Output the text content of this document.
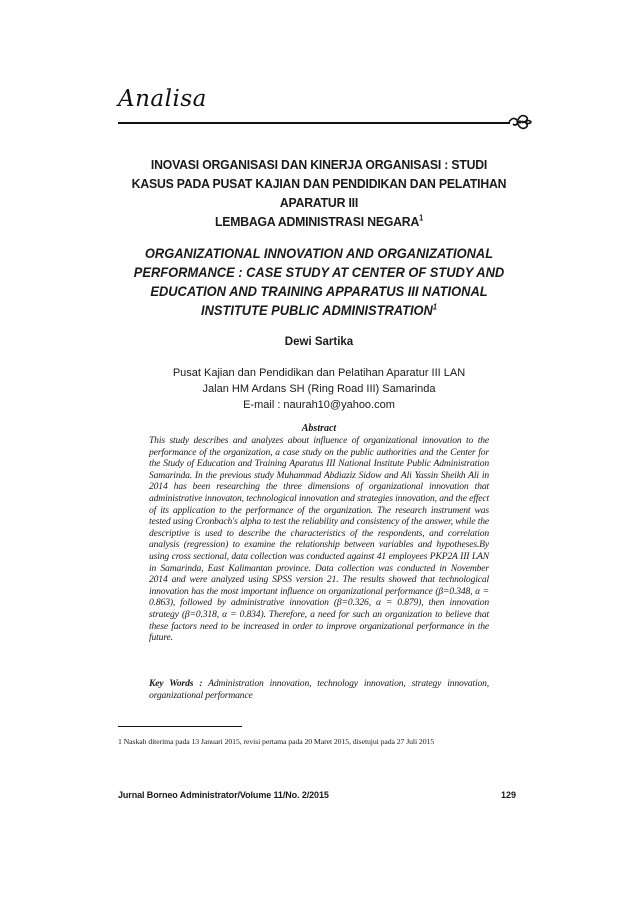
Analisa
INOVASI ORGANISASI DAN KINERJA ORGANISASI : STUDI
KASUS PADA PUSAT KAJIAN DAN PENDIDIKAN DAN PELATIHAN
APARATUR III
LEMBAGA ADMINISTRASI NEGARA$^1$
ORGANIZATIONAL INNOVATION AND ORGANIZATIONAL
PERFORMANCE : CASE STUDY AT CENTER OF STUDY AND
EDUCATION AND TRAINING APPARATUS III NATIONAL
INSTITUTE PUBLIC ADMINISTRATION$^1$
Dewi Sartika
Pusat Kajian dan Pendidikan dan Pelatihan Aparatur III LAN
Jalan HM Ardans SH (Ring Road III) Samarinda
E-mail : naurah10@yahoo.com
Abstract
This study describes and analyzes about influence of organizational innovation to the performance of the organization, a case study on the public authorities and the Center for the Study of Education and Training Aparatus III National Institute Public Administration Samarinda. In the previous study Muhammad Abdiaziz Sidow and Ali Yassin Sheikh Ali in 2014 has been researching the three dimensions of organizational innovation that administrative innovaton, technological innovation and strategies innovation, and the effect of its application to the performance of the organization. The research instrument was tested using Cronbach's alpha to test the reliability and consistency of the answer, while the descriptive is used to describe the characteristics of the respondents, and correlation analysis (regression) to examine the relationship between variables and hypotheses.By using cross sectional, data collection was conducted against 41 employees PKP2A III LAN in Samarinda, East Kalimantan province. Data collection was conducted in November 2014 and were analyzed using SPSS version 21. The results showed that technological innovation has the most important influence on organizational performance (β=0.348, α = 0.863), followed by administrative innovation (β=0.326, α = 0.879), then innovation strategy (β=0.318, α = 0.834). Therefore, a need for such an organization to believe that these factors need to be increased in order to improve organizational performance in the future.
Key Words : Administration innovation, technology innovation, strategy innovation, organizational performance
1 Naskah diterima pada 13 Januari 2015, revisi pertama pada 20 Maret 2015, disetujui pada 27 Juli 2015
Jurnal Borneo Administrator/Volume 11/No. 2/2015	129
